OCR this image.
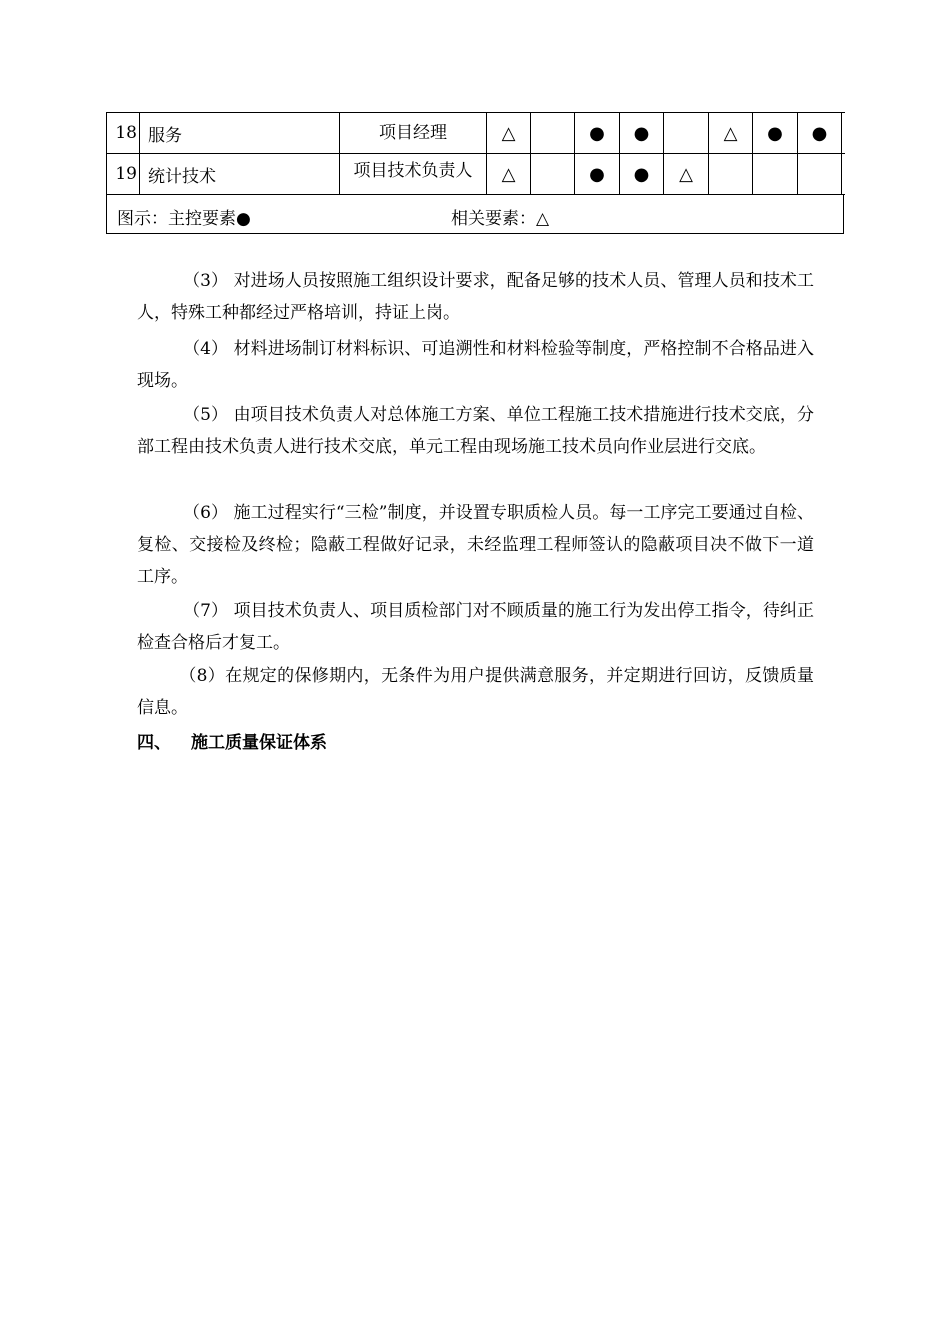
18	服务	项目经理	△		●	●		△	●	●	
19	统计技术	项目技术负责人	△		●	●	△				
图示：主控要素●	相关要素：△

（3） 对进场人员按照施工组织设计要求，配备足够的技术人员、管理人员和技术工人，特殊工种都经过严格培训，持证上岗。

（4） 材料进场制订材料标识、可追溯性和材料检验等制度，严格控制不合格品进入现场。

（5） 由项目技术负责人对总体施工方案、单位工程施工技术措施进行技术交底，分部工程由技术负责人进行技术交底，单元工程由现场施工技术员向作业层进行交底。

（6） 施工过程实行“三检”制度，并设置专职质检人员。每一工序完工要通过自检、复检、交接检及终检；隐蔽工程做好记录，未经监理工程师签认的隐蔽项目决不做下一道工序。

（7） 项目技术负责人、项目质检部门对不顾质量的施工行为发出停工指令，待纠正检查合格后才复工。

（8）在规定的保修期内，无条件为用户提供满意服务，并定期进行回访，反馈质量信息。

四、 施工质量保证体系
